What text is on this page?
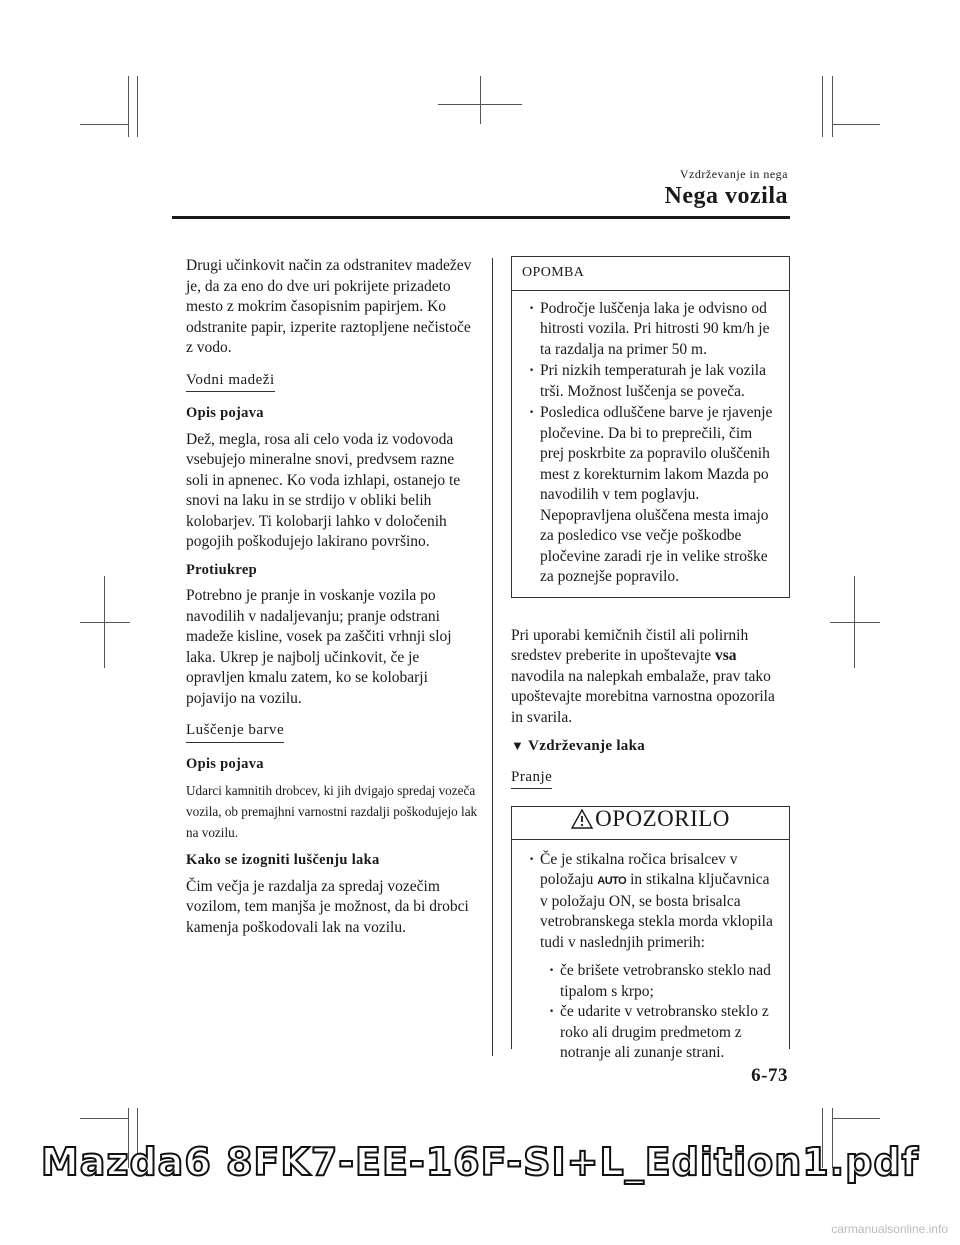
Vzdrževanje in nega
Nega vozila

Drugi učinkovit način za odstranitev madežev je, da za eno do dve uri pokrijete prizadeto mesto z mokrim časopisnim papirjem. Ko odstranite papir, izperite raztopljene nečistoče z vodo.

Vodni madeži

Opis pojava

Dež, megla, rosa ali celo voda iz vodovoda vsebujejo mineralne snovi, predvsem razne soli in apnenec. Ko voda izhlapi, ostanejo te snovi na laku in se strdijo v obliki belih kolobarjev. Ti kolobarji lahko v določenih pogojih poškodujejo lakirano površino.

Protiukrep

Potrebno je pranje in voskanje vozila po navodilih v nadaljevanju; pranje odstrani madeže kisline, vosek pa zaščiti vrhnji sloj laka. Ukrep je najbolj učinkovit, če je opravljen kmalu zatem, ko se kolobarji pojavijo na vozilu.

Luščenje barve

Opis pojava

Udarci kamnitih drobcev, ki jih dvigajo spredaj vozeča vozila, ob premajhni varnostni razdalji poškodujejo lak na vozilu.

Kako se izogniti luščenju laka

Čim večja je razdalja za spredaj vozečim vozilom, tem manjša je možnost, da bi drobci kamenja poškodovali lak na vozilu.

OPOMBA
· Področje luščenja laka je odvisno od hitrosti vozila. Pri hitrosti 90 km/h je ta razdalja na primer 50 m.
· Pri nizkih temperaturah je lak vozila trši. Možnost luščenja se poveča.
· Posledica odluščene barve je rjavenje pločevine. Da bi to preprečili, čim prej poskrbite za popravilo oluščenih mest z korekturnim lakom Mazda po navodilih v tem poglavju. Nepopravljena oluščena mesta imajo za posledico vse večje poškodbe pločevine zaradi rje in velike stroške za poznejše popravilo.

Pri uporabi kemičnih čistil ali polirnih sredstev preberite in upoštevajte vsa navodila na nalepkah embalaže, prav tako upoštevajte morebitna varnostna opozorila in svarila.

▼ Vzdrževanje laka

Pranje

OPOZORILO
· Če je stikalna ročica brisalcev v položaju AUTO in stikalna ključavnica v položaju ON, se bosta brisalca vetrobranskega stekla morda vklopila tudi v naslednjih primerih:
· če brišete vetrobransko steklo nad tipalom s krpo;
· če udarite v vetrobransko steklo z roko ali drugim predmetom z notranje ali zunanje strani.
6-73
Mazda6 8FK7-EE-16F-SI+L_Edition1.pdf
carmanualsonline.info
